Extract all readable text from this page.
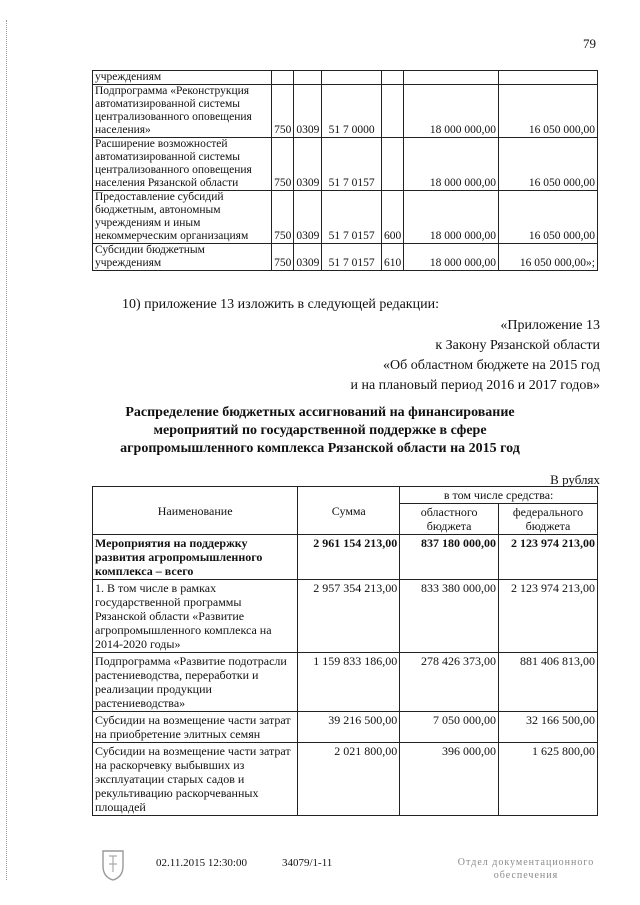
79
учреждениям						
Подпрограмма «Реконструкция автоматизированной системы централизованного оповещения населения»	750	0309	51 7 0000		18 000 000,00	16 050 000,00
Расширение возможностей автоматизированной системы централизованного оповещения населения Рязанской области	750	0309	51 7 0157		18 000 000,00	16 050 000,00
Предоставление субсидий бюджетным, автономным учреждениям и иным некоммерческим организациям	750	0309	51 7 0157	600	18 000 000,00	16 050 000,00
Субсидии бюджетным учреждениям	750	0309	51 7 0157	610	18 000 000,00	16 050 000,00»;
10) приложение 13 изложить в следующей редакции:
«Приложение 13
к Закону Рязанской области
«Об областном бюджете на 2015 год
и на плановый период 2016 и 2017 годов»
Распределение бюджетных ассигнований на финансирование
мероприятий по государственной поддержке в сфере
агропромышленного комплекса Рязанской области на 2015 год
В рублях
Наименование	Сумма	в том числе средства:	
		областного бюджета	федерального бюджета
Мероприятия на поддержку развития агропромышленного комплекса – всего	2 961 154 213,00	837 180 000,00	2 123 974 213,00
1. В том числе в рамках государственной программы Рязанской области «Развитие агропромышленного комплекса на 2014-2020 годы»	2 957 354 213,00	833 380 000,00	2 123 974 213,00
Подпрограмма «Развитие подотрасли растениеводства, переработки и реализации продукции растениеводства»	1 159 833 186,00	278 426 373,00	881 406 813,00
Субсидии на возмещение части затрат на приобретение элитных семян	39 216 500,00	7 050 000,00	32 166 500,00
Субсидии на возмещение части затрат на раскорчевку выбывших из эксплуатации старых садов и рекультивацию раскорчеванных площадей	2 021 800,00	396 000,00	1 625 800,00
02.11.2015 12:30:00	34079/1-11	Отдел документационного
обеспечения
